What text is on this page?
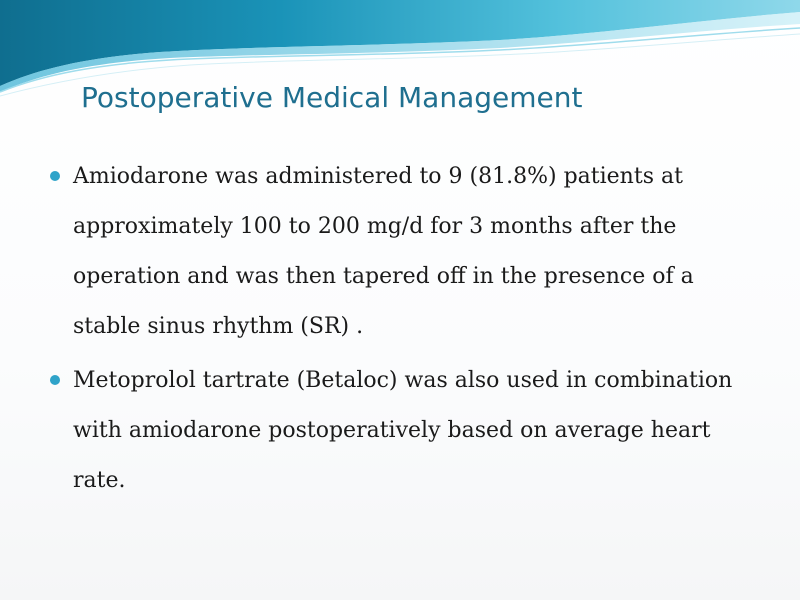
Postoperative Medical Management
Amiodarone was administered to 9 (81.8%) patients at approximately 100 to 200 mg/d for 3 months after the operation and was then tapered off in the presence of a stable sinus rhythm (SR) .
Metoprolol tartrate (Betaloc) was also used in combination with amiodarone postoperatively based on average heart rate.
